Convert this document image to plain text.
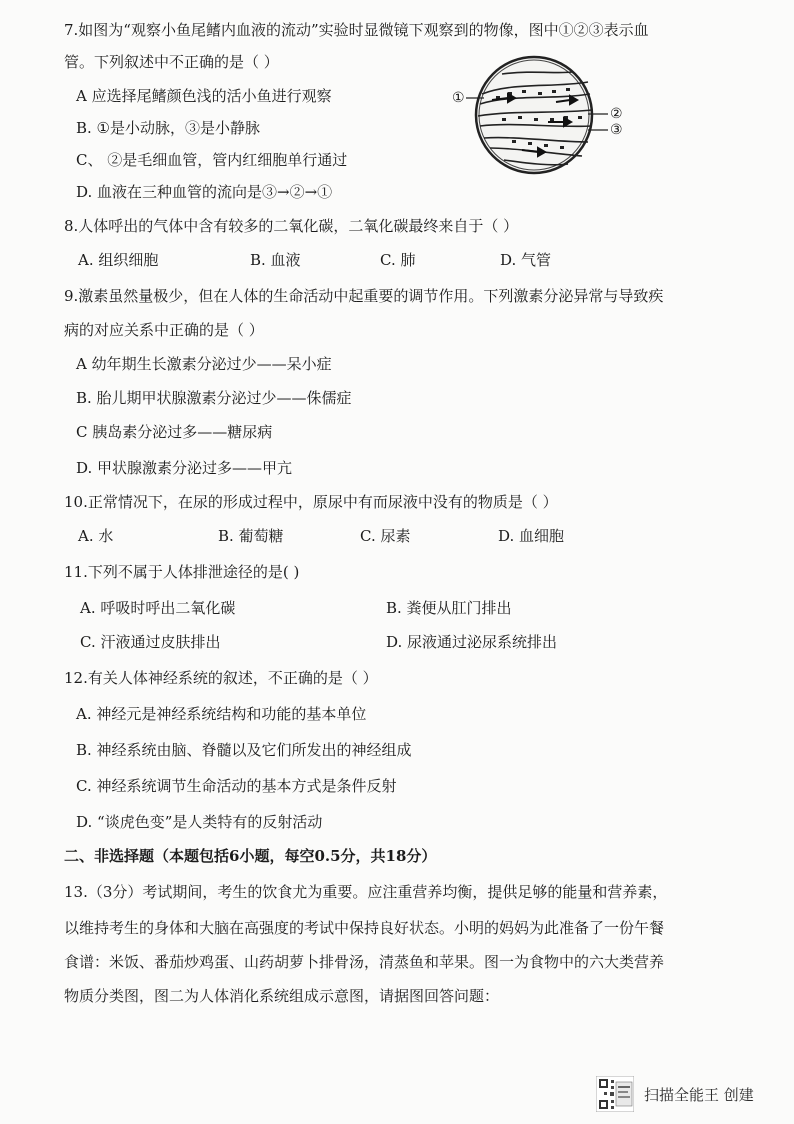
7.如图为“观察小鱼尾鳍内血液的流动”实验时显微镜下观察到的物像，图中①②③表示血
管。下列叙述中不正确的是（ ）
A 应选择尾鳍颜色浅的活小鱼进行观察
B. ①是小动脉，③是小静脉
C、 ②是毛细血管，管内红细胞单行通过
D. 血液在三种血管的流向是③→②→①
①
②
③
8.人体呼出的气体中含有较多的二氧化碳，二氧化碳最终来自于（ ）
A. 组织细胞	B. 血液	C. 肺	D. 气管
9.激素虽然量极少，但在人体的生命活动中起重要的调节作用。下列激素分泌异常与导致疾
病的对应关系中正确的是（ ）
A 幼年期生长激素分泌过少——呆小症
B. 胎儿期甲状腺激素分泌过少——侏儒症
C 胰岛素分泌过多——糖尿病
D. 甲状腺激素分泌过多——甲亢
10.正常情况下，在尿的形成过程中，原尿中有而尿液中没有的物质是（ ）
A. 水	B. 葡萄糖	C. 尿素	D. 血细胞
11.下列不属于人体排泄途径的是( )
A. 呼吸时呼出二氧化碳	B. 粪便从肛门排出
C. 汗液通过皮肤排出	D. 尿液通过泌尿系统排出
12.有关人体神经系统的叙述，不正确的是（ ）
A. 神经元是神经系统结构和功能的基本单位
B. 神经系统由脑、脊髓以及它们所发出的神经组成
C. 神经系统调节生命活动的基本方式是条件反射
D. “谈虎色变”是人类特有的反射活动
二、非选择题（本题包括6小题，每空0.5分，共18分）
13.（3分）考试期间，考生的饮食尤为重要。应注重营养均衡，提供足够的能量和营养素，
以维持考生的身体和大脑在高强度的考试中保持良好状态。小明的妈妈为此准备了一份午餐
食谱：米饭、番茄炒鸡蛋、山药胡萝卜排骨汤，清蒸鱼和苹果。图一为食物中的六大类营养
物质分类图，图二为人体消化系统组成示意图，请据图回答问题：
扫描全能王 创建
